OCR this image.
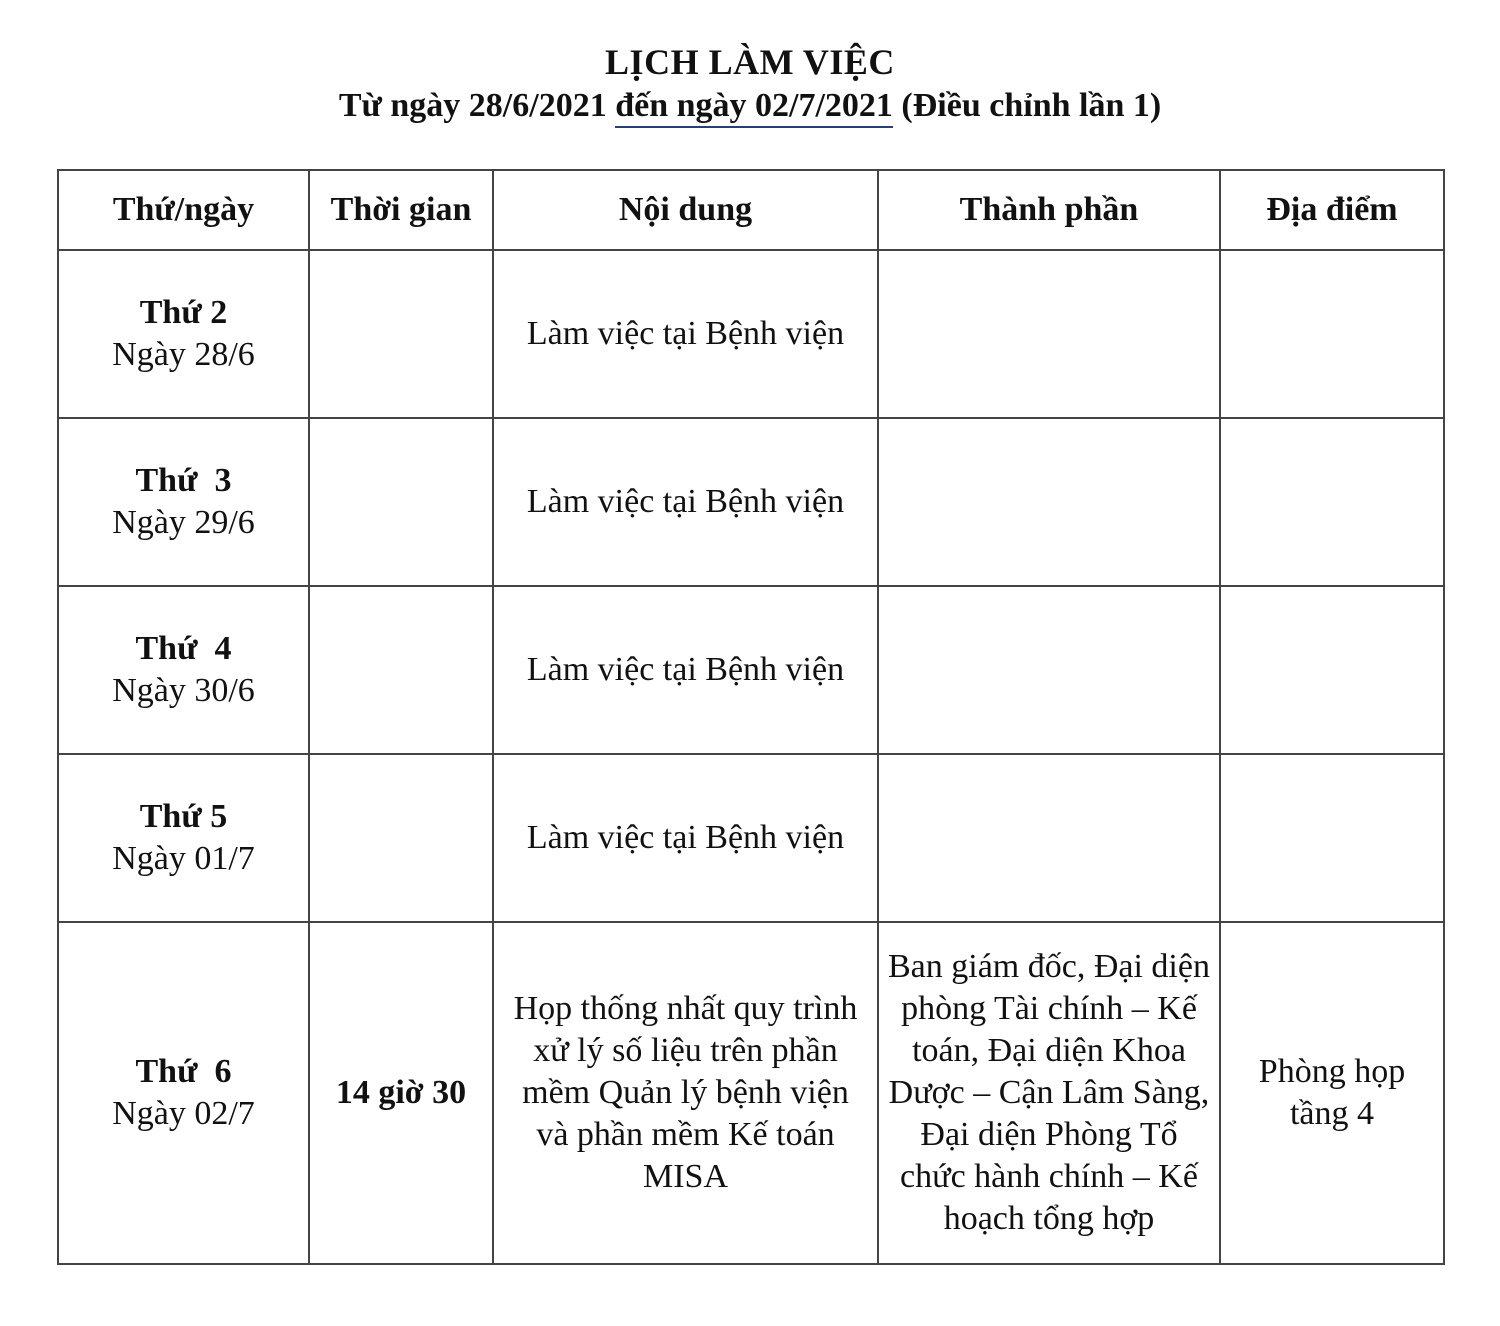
LỊCH LÀM VIỆC
Từ ngày 28/6/2021 đến ngày 02/7/2021 (Điều chỉnh lần 1)
Thứ/ngày	Thời gian	Nội dung	Thành phần	Địa điểm

Thứ 2
Ngày 28/6		Làm việc tại Bệnh viện		

Thứ  3
Ngày 29/6		Làm việc tại Bệnh viện		

Thứ  4
Ngày 30/6		Làm việc tại Bệnh viện		

Thứ 5
Ngày 01/7		Làm việc tại Bệnh viện		

Thứ  6
Ngày 02/7	14 giờ 30	Họp thống nhất quy trình xử lý số liệu trên phần mềm Quản lý bệnh viện và phần mềm Kế toán MISA	Ban giám đốc, Đại diện phòng Tài chính – Kế toán, Đại diện Khoa Dược – Cận Lâm Sàng, Đại diện Phòng Tổ chức hành chính – Kế hoạch tổng hợp	Phòng họp tầng 4
